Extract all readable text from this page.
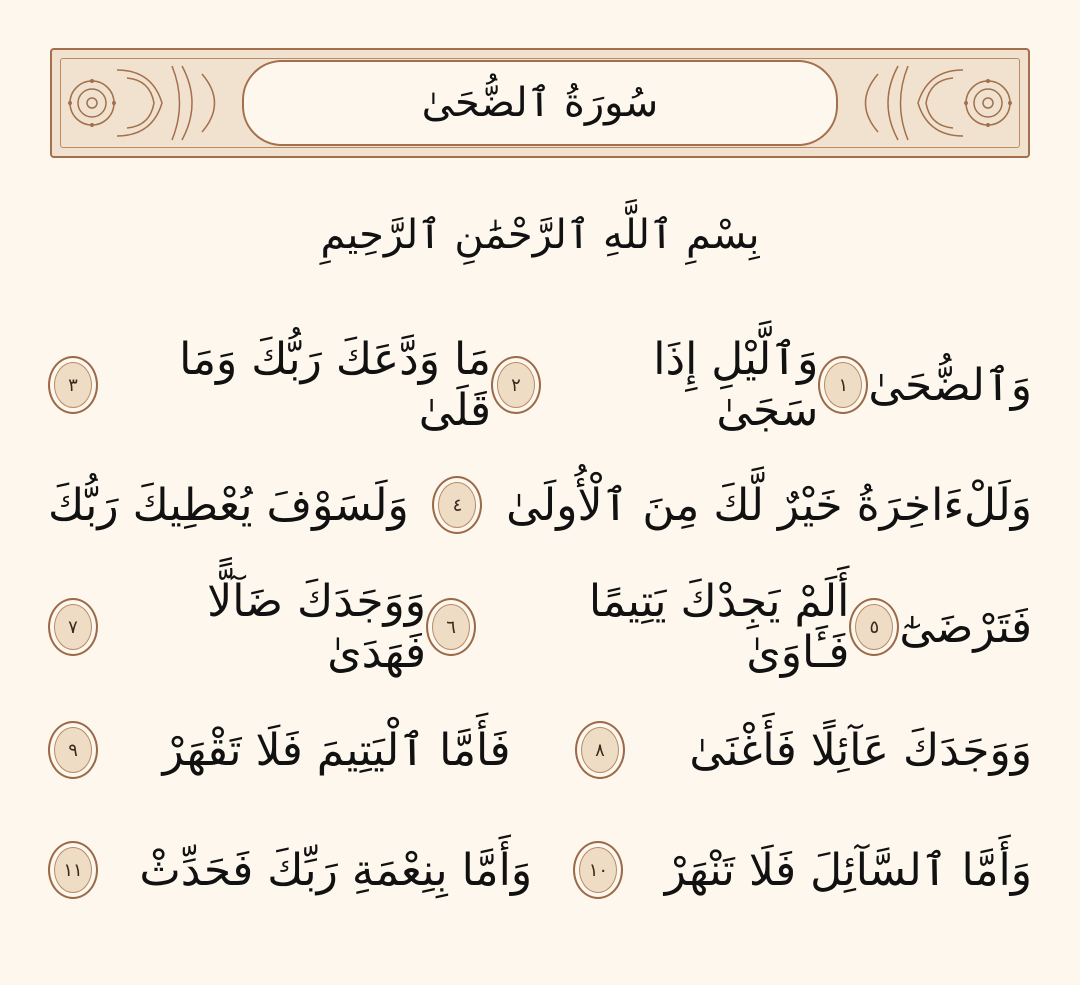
سُورَةُ ٱلضُّحَىٰ
بِسْمِ ٱللَّهِ ٱلرَّحْمَٰنِ ٱلرَّحِيمِ
وَٱلضُّحَىٰ
١
وَٱلَّيْلِ إِذَا سَجَىٰ
٢
مَا وَدَّعَكَ رَبُّكَ وَمَا قَلَىٰ
٣
وَلَلْءَاخِرَةُ خَيْرٌ لَّكَ مِنَ ٱلْأُولَىٰ
٤
وَلَسَوْفَ يُعْطِيكَ رَبُّكَ
فَتَرْضَىٰٓ
٥
أَلَمْ يَجِدْكَ يَتِيمًا فَـَٔاوَىٰ
٦
وَوَجَدَكَ ضَآلًّا فَهَدَىٰ
٧
وَوَجَدَكَ عَآئِلًا فَأَغْنَىٰ
٨
فَأَمَّا ٱلْيَتِيمَ فَلَا تَقْهَرْ
٩
وَأَمَّا ٱلسَّآئِلَ فَلَا تَنْهَرْ
١٠
وَأَمَّا بِنِعْمَةِ رَبِّكَ فَحَدِّثْ
١١
